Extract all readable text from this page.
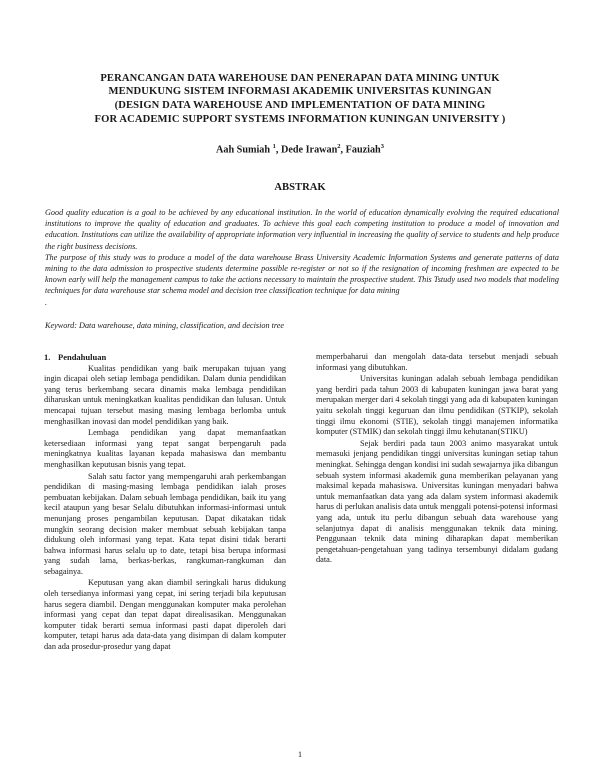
PERANCANGAN DATA WAREHOUSE DAN PENERAPAN DATA MINING UNTUK
MENDUKUNG SISTEM INFORMASI AKADEMIK UNIVERSITAS KUNINGAN
(DESIGN DATA WAREHOUSE AND IMPLEMENTATION OF DATA MINING
FOR ACADEMIC SUPPORT SYSTEMS INFORMATION KUNINGAN UNIVERSITY )
Aah Sumiah $^1$, Dede Irawan$^2$, Fauziah$^3$
ABSTRAK

Good quality education is a goal to be achieved by any educational institution. In the world of education dynamically evolving the required educational institutions to improve the quality of education and graduates. To achieve this goal each competing institution to produce a model of innovation and education. Institutions can utilize the availability of appropriate information very influential in increasing the quality of service to students and help produce the right business decisions.

The purpose of this study was to produce a model of the data warehouse Brass University Academic Information Systems and generate patterns of data mining to the data admission to prospective students determine possible re-register or not so if the resignation of incoming freshmen are expected to be known early will help the management campus to take the actions necessary to maintain the prospective student. This Tstudy used two models that modeling techniques for data warehouse star schema model and decision tree classification technique for data mining

.

Keyword: Data warehouse, data mining, classification, and decision tree
1. Pendahuluan

Kualitas pendidikan yang baik merupakan tujuan yang ingin dicapai oleh setiap lembaga pendidikan. Dalam dunia pendidikan yang terus berkembang secara dinamis maka lembaga pendidikan diharuskan untuk meningkatkan kualitas pendidikan dan lulusan. Untuk mencapai tujuan tersebut masing masing lembaga berlomba untuk menghasilkan inovasi dan model pendidikan yang baik.

Lembaga pendidikan yang dapat memanfaatkan ketersediaan informasi yang tepat sangat berpengaruh pada meningkatnya kualitas layanan kepada mahasiswa dan membantu menghasilkan keputusan bisnis yang tepat.

Salah satu factor yang mempengaruhi arah perkembangan pendidikan di masing-masing lembaga pendidikan ialah proses pembuatan kebijakan. Dalam sebuah lembaga pendidikan, baik itu yang kecil ataupun yang besar Selalu dibutuhkan informasi-informasi untuk menunjang proses pengambilan keputusan. Dapat dikatakan tidak mungkin seorang decision maker membuat sebuah kebijakan tanpa didukung oleh informasi yang tepat. Kata tepat disini tidak berarti bahwa informasi harus selalu up to date, tetapi bisa berupa informasi yang sudah lama, berkas-berkas, rangkuman-rangkuman dan sebagainya.

Keputusan yang akan diambil seringkali harus didukung oleh tersedianya informasi yang cepat, ini sering terjadi bila keputusan harus segera diambil. Dengan menggunakan komputer maka perolehan informasi yang cepat dan tepat dapat direalisasikan. Menggunakan komputer tidak berarti semua informasi pasti dapat diperoleh dari komputer, tetapi harus ada data-data yang disimpan di dalam komputer dan ada prosedur-prosedur yang dapat

memperbaharui dan mengolah data-data tersebut menjadi sebuah informasi yang dibutuhkan.

Universitas kuningan adalah sebuah lembaga pendidikan yang berdiri pada tahun 2003 di kabupaten kuningan jawa barat yang merupakan merger dari 4 sekolah tinggi yang ada di kabupaten kuningan yaitu sekolah tinggi keguruan dan ilmu pendidikan (STKIP), sekolah tinggi ilmu ekonomi (STIE), sekolah tinggi manajemen informatika komputer (STMIK) dan sekolah tinggi ilmu kehutanan(STIKU)

Sejak berdiri pada taun 2003 animo masyarakat untuk memasuki jenjang pendidikan tinggi universitas kuningan setiap tahun meningkat. Sehingga dengan kondisi ini sudah sewajarnya jika dibangun sebuah system informasi akademik guna memberikan pelayanan yang maksimal kepada mahasiswa. Universitas kuningan menyadari bahwa untuk memanfaatkan data yang ada dalam system informasi akademik harus di perlukan analisis data untuk menggali potensi-potensi informasi yang ada, untuk itu perlu dibangun sebuah data warehouse yang selanjutnya dapat di analisis menggunakan teknik data mining. Penggunaan teknik data mining diharapkan dapat memberikan pengetahuan-pengetahuan yang tadinya tersembunyi didalam gudang data.

1
